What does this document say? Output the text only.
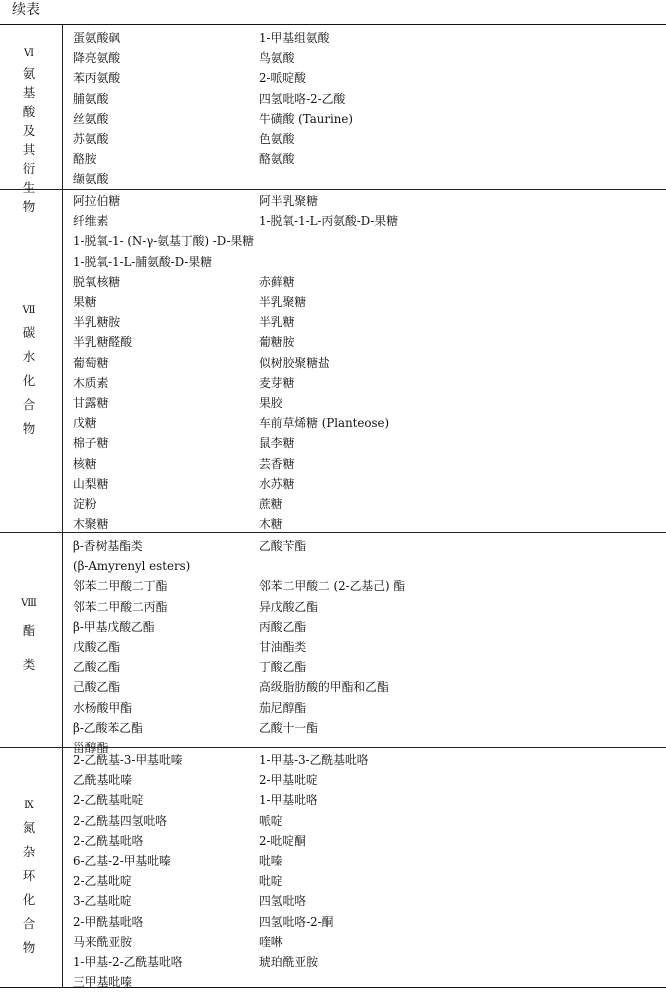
续表
Ⅵ
氨基酸及其衍生物
蛋氨酸砜	1-甲基组氨酸
降亮氨酸	鸟氨酸
苯丙氨酸	2-哌啶酸
脯氨酸	四氢吡咯-2-乙酸
丝氨酸	牛磺酸 (Taurine)
苏氨酸	色氨酸
酪胺	酪氨酸
缬氨酸
Ⅶ
碳水化合物
阿拉伯糖	阿半乳聚糖
纤维素	1-脱氧-1-L-丙氨酸-D-果糖
1-脱氧-1- (N-γ-氨基丁酸) -D-果糖
1-脱氧-1-L-脯氨酸-D-果糖
脱氧核糖	赤藓糖
果糖	半乳聚糖
半乳糖胺	半乳糖
半乳糖醛酸	葡糖胺
葡萄糖	似树胶聚糖盐
木质素	麦芽糖
甘露糖	果胶
戊糖	车前草烯糖 (Planteose)
棉子糖	鼠李糖
核糖	芸香糖
山梨糖	水苏糖
淀粉	蔗糖
木聚糖	木糖
Ⅷ
酯类
β-香树基酯类	乙酸苄酯
(β-Amyrenyl esters)
邻苯二甲酸二丁酯	邻苯二甲酸二 (2-乙基己) 酯
邻苯二甲酸二丙酯	异戊酸乙酯
β-甲基戊酸乙酯	丙酸乙酯
戊酸乙酯	甘油酯类
乙酸乙酯	丁酸乙酯
己酸乙酯	高级脂肪酸的甲酯和乙酯
水杨酸甲酯	茄尼醇酯
β-乙酸苯乙酯	乙酸十一酯
甾醇酯
Ⅸ
氮杂环化合物
2-乙酰基-3-甲基吡嗪	1-甲基-3-乙酰基吡咯
乙酰基吡嗪	2-甲基吡啶
2-乙酰基吡啶	1-甲基吡咯
2-乙酰基四氢吡咯	哌啶
2-乙酰基吡咯	2-吡啶酮
6-乙基-2-甲基吡嗪	吡嗪
2-乙基吡啶	吡啶
3-乙基吡啶	四氢吡咯
2-甲酰基吡咯	四氢吡咯-2-酮
马来酰亚胺	喹啉
1-甲基-2-乙酰基吡咯	琥珀酰亚胺
三甲基吡嗪
